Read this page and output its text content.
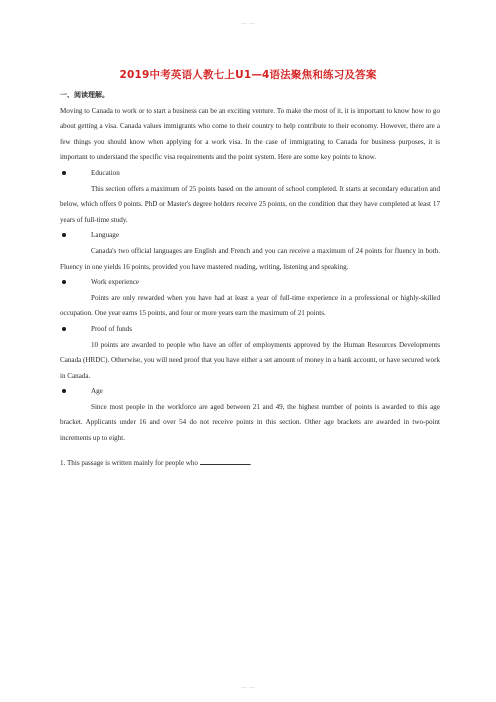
—·—
2019中考英语人教七上U1—4语法聚焦和练习及答案

一、阅读理解。

Moving to Canada to work or to start a business can be an exciting venture. To make the most of it, it is important to know how to go about getting a visa. Canada values immigrants who come to their country to help contribute to their economy. However, there are a few things you should know when applying for a work visa. In the case of immigrating to Canada for business purposes, it is important to understand the specific visa requirements and the point system. Here are some key points to know.

Education

This section offers a maximum of 25 points based on the amount of school completed. It starts at secondary education and below, which offers 0 points. PhD or Master's degree holders receive 25 points, on the condition that they have completed at least 17 years of full-time study.

Language

Canada's two official languages are English and French and you can receive a maximum of 24 points for fluency in both. Fluency in one yields 16 points, provided you have mastered reading, writing, listening and speaking.

Work experience

Points are only rewarded when you have had at least a year of full-time experience in a professional or highly-skilled occupation. One year earns 15 points, and four or more years earn the maximum of 21 points.

Proof of funds

10 points are awarded to people who have an offer of employments approved by the Human Resources Developments Canada (HRDC). Otherwise, you will need proof that you have either a set amount of money in a bank account, or have secured work in Canada.

Age

Since most people in the workforce are aged between 21 and 49, the highest number of points is awarded to this age bracket. Applicants under 16 and over 54 do not receive points in this section. Other age brackets are awarded in two-point increments up to eight.

1. This passage is written mainly for people who	.

—·—
